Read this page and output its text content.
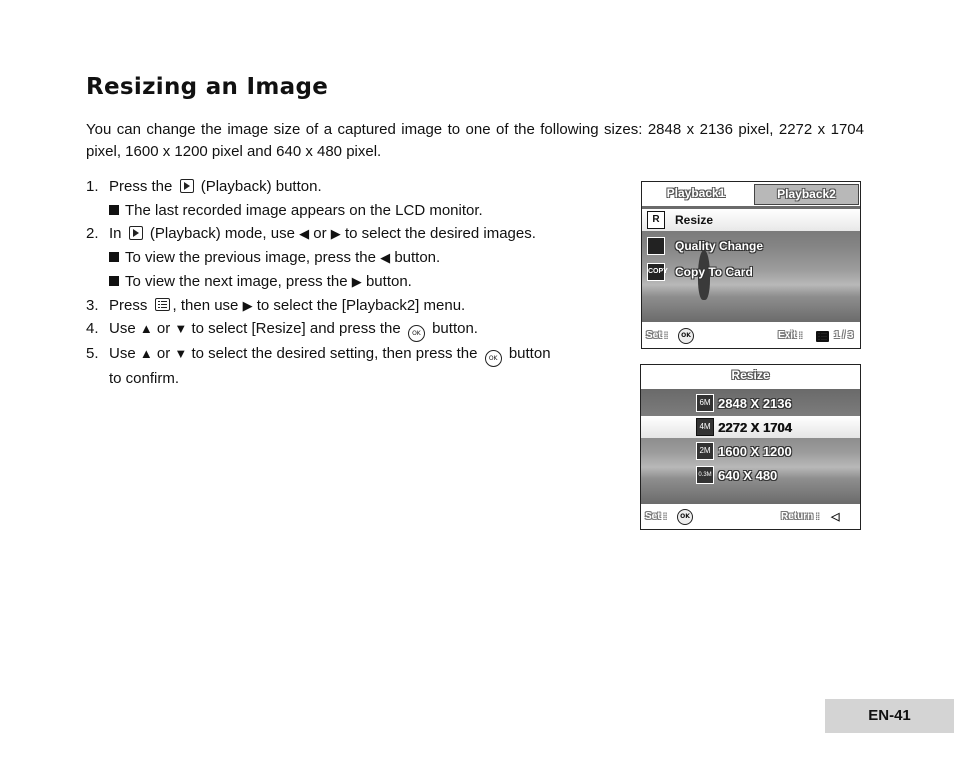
Resizing an Image

You can change the image size of a captured image to one of the following sizes: 2848 x 2136 pixel, 2272 x 1704 pixel, 1600 x 1200 pixel and 640 x 480 pixel.

1. Press the (Playback) button.
The last recorded image appears on the LCD monitor.
2. In (Playback) mode, use ◀ or ▶ to select the desired images.
To view the previous image, press the ◀ button.
To view the next image, press the ▶ button.
3. Press , then use ▶ to select the [Playback2] menu.
4. Use ▲ or ▼ to select [Resize] and press the OK button.
5. Use ▲ or ▼ to select the desired setting, then press the OK button
to confirm.
Playback1	Playback2
R	Resize
Quality Change
COPY Copy To Card
Set :	OK	Exit :	1 / 3
Resize
6M 2848 X 2136
4M 2272 X 1704
2M 1600 X 1200
0.3M 640 X 480
Set :	OK	Return : ◁
EN-41
